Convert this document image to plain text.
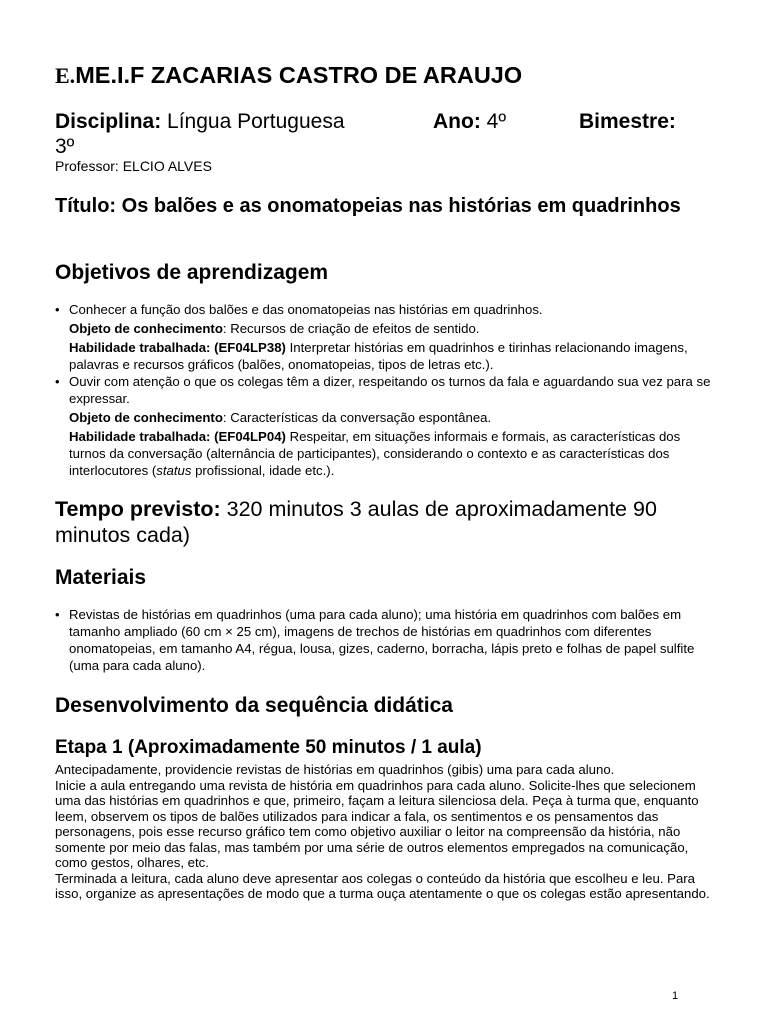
E.ME.I.F ZACARIAS CASTRO DE ARAUJO
Disciplina: Língua Portuguesa	Ano: 4º	Bimestre:
3º
Professor: ELCIO ALVES
Título: Os balões e as onomatopeias nas histórias em quadrinhos
Objetivos de aprendizagem
• Conhecer a função dos balões e das onomatopeias nas histórias em quadrinhos.
Objeto de conhecimento: Recursos de criação de efeitos de sentido.
Habilidade trabalhada: (EF04LP38) Interpretar histórias em quadrinhos e tirinhas relacionando imagens, palavras e recursos gráficos (balões, onomatopeias, tipos de letras etc.).
• Ouvir com atenção o que os colegas têm a dizer, respeitando os turnos da fala e aguardando sua vez para se expressar.
Objeto de conhecimento: Características da conversação espontânea.
Habilidade trabalhada: (EF04LP04) Respeitar, em situações informais e formais, as características dos turnos da conversação (alternância de participantes), considerando o contexto e as características dos interlocutores (status profissional, idade etc.).
Tempo previsto: 320 minutos 3 aulas de aproximadamente 90 minutos cada)
Materiais
• Revistas de histórias em quadrinhos (uma para cada aluno); uma história em quadrinhos com balões em tamanho ampliado (60 cm × 25 cm), imagens de trechos de histórias em quadrinhos com diferentes onomatopeias, em tamanho A4, régua, lousa, gizes, caderno, borracha, lápis preto e folhas de papel sulfite (uma para cada aluno).
Desenvolvimento da sequência didática
Etapa 1 (Aproximadamente 50 minutos / 1 aula)

Antecipadamente, providencie revistas de histórias em quadrinhos (gibis) uma para cada aluno.

Inicie a aula entregando uma revista de história em quadrinhos para cada aluno. Solicite-lhes que selecionem uma das histórias em quadrinhos e que, primeiro, façam a leitura silenciosa dela. Peça à turma que, enquanto leem, observem os tipos de balões utilizados para indicar a fala, os sentimentos e os pensamentos das personagens, pois esse recurso gráfico tem como objetivo auxiliar o leitor na compreensão da história, não somente por meio das falas, mas também por uma série de outros elementos empregados na comunicação, como gestos, olhares, etc.

Terminada a leitura, cada aluno deve apresentar aos colegas o conteúdo da história que escolheu e leu. Para isso, organize as apresentações de modo que a turma ouça atentamente o que os colegas estão apresentando.

1
